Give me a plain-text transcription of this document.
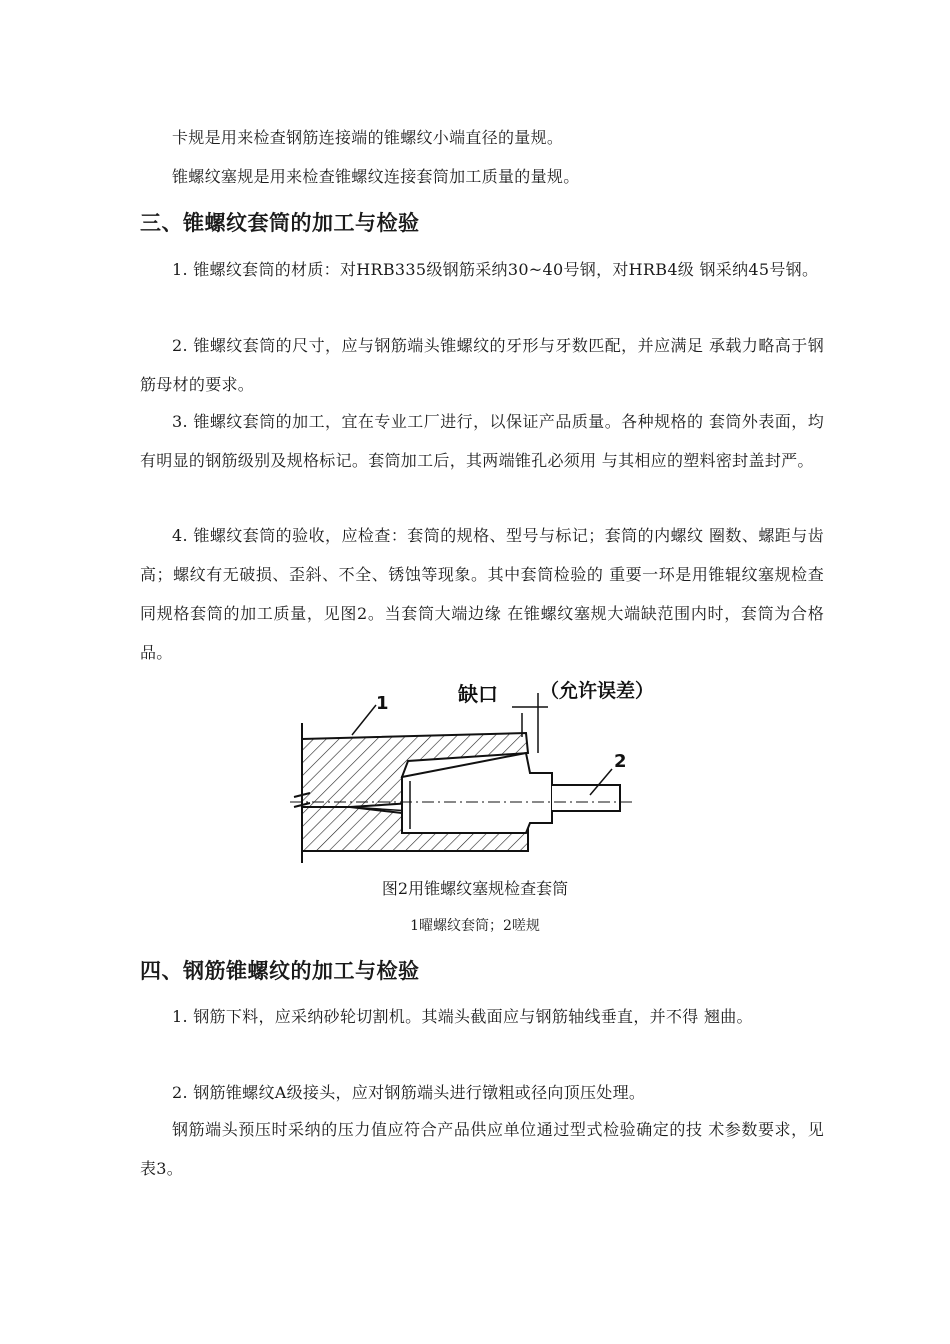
卡规是用来检查钢筋连接端的锥螺纹小端直径的量规。

锥螺纹塞规是用来检查锥螺纹连接套筒加工质量的量规。

三、锥螺纹套筒的加工与检验

1. 锥螺纹套筒的材质：对HRB335级钢筋采纳30~40号钢，对HRB4级 钢采纳45号钢。

2. 锥螺纹套筒的尺寸，应与钢筋端头锥螺纹的牙形与牙数匹配，并应满足 承载力略高于钢筋母材的要求。

3. 锥螺纹套筒的加工，宜在专业工厂进行，以保证产品质量。各种规格的 套筒外表面，均有明显的钢筋级别及规格标记。套筒加工后，其两端锥孔必须用 与其相应的塑料密封盖封严。

4. 锥螺纹套筒的验收，应检查：套筒的规格、型号与标记；套筒的内螺纹 圈数、螺距与齿高；螺纹有无破损、歪斜、不全、锈蚀等现象。其中套筒检验的 重要一环是用锥辊纹塞规检查同规格套筒的加工质量，见图2。当套筒大端边缘 在锥螺纹塞规大端缺范围内时，套筒为合格品。

缺口 （允许误差）
1
2

图2用锥螺纹塞规检查套筒

1曜螺纹套筒；2嗟规

四、钢筋锥螺纹的加工与检验

1. 钢筋下料，应采纳砂轮切割机。其端头截面应与钢筋轴线垂直，并不得 翘曲。

2. 钢筋锥螺纹A级接头，应对钢筋端头进行镦粗或径向顶压处理。

钢筋端头预压时采纳的压力值应符合产品供应单位通过型式检验确定的技 术参数要求，见表3。
